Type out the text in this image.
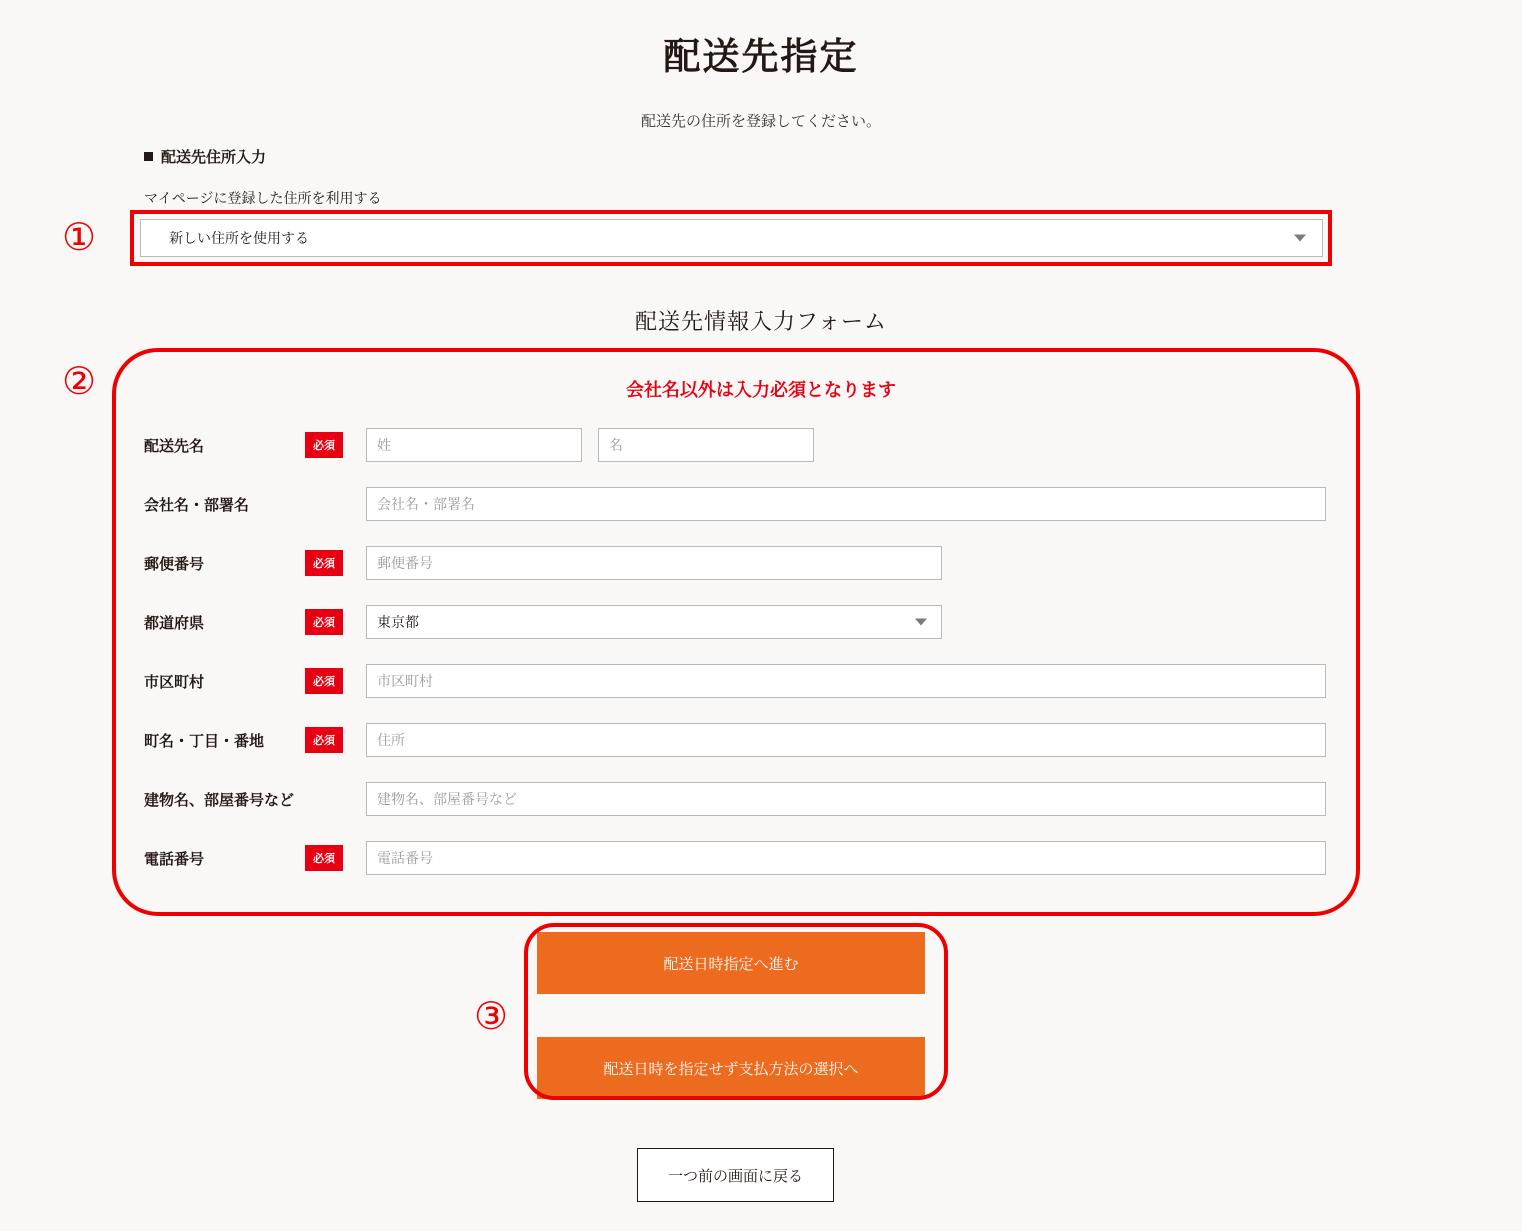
配送先指定
配送先の住所を登録してください。
配送先住所入力
マイページに登録した住所を利用する
新しい住所を使用する
配送先情報入力フォーム
会社名以外は入力必須となります
配送先名	必須	姓	名
会社名・部署名	会社名・部署名
郵便番号	必須	郵便番号
都道府県	必須	東京都
市区町村	必須	市区町村
町名・丁目・番地	必須	住所
建物名、部屋番号など	建物名、部屋番号など
電話番号	必須	電話番号
配送日時指定へ進む
配送日時を指定せず支払方法の選択へ
一つ前の画面に戻る
①
②
③
